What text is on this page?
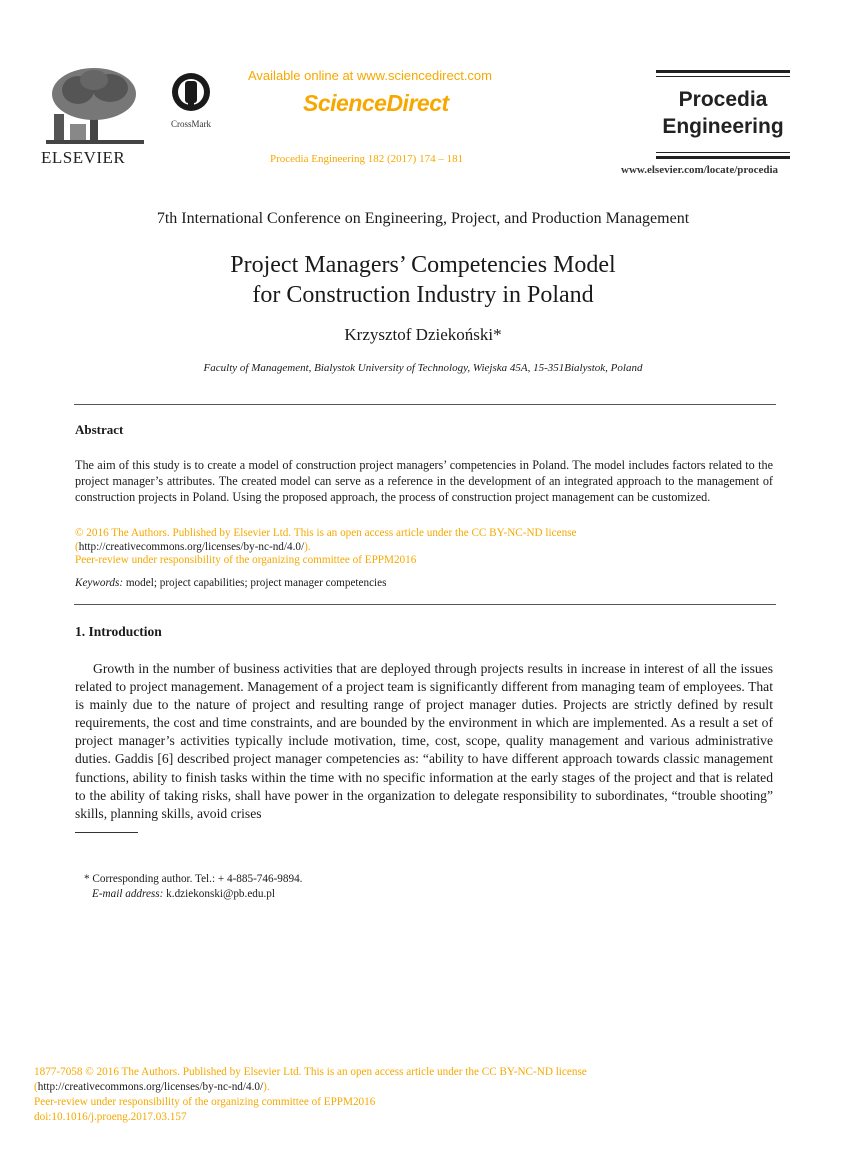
ELSEVIER
CrossMark
Available online at www.sciencedirect.com
ScienceDirect
Procedia Engineering 182 (2017) 174 – 181
Procedia
Engineering
www.elsevier.com/locate/procedia
7th International Conference on Engineering, Project, and Production Management
Project Managers’ Competencies Model
for Construction Industry in Poland
Krzysztof Dziekoński*
Faculty of Management, Bialystok University of Technology, Wiejska 45A, 15-351Bialystok, Poland
Abstract
The aim of this study is to create a model of construction project managers’ competencies in Poland. The model includes factors related to the project manager’s attributes. The created model can serve as a reference in the development of an integrated approach to the management of construction projects in Poland. Using the proposed approach, the process of construction project management can be customized.
© 2016 The Authors. Published by Elsevier Ltd. This is an open access article under the CC BY-NC-ND license
(http://creativecommons.org/licenses/by-nc-nd/4.0/).
Peer-review under responsibility of the organizing committee of EPPM2016
Keywords: model; project capabilities; project manager competencies
1. Introduction

Growth in the number of business activities that are deployed through projects results in increase in interest of all the issues related to project management. Management of a project team is significantly different from managing team of employees. That is mainly due to the nature of project and resulting range of project manager duties. Projects are strictly defined by result requirements, the cost and time constraints, and are bounded by the environment in which are implemented. As a result a set of project manager’s activities typically include motivation, time, cost, scope, quality management and various administrative duties. Gaddis [6] described project manager competencies as: “ability to have different approach towards classic management functions, ability to finish tasks within the time with no specific information at the early stages of the project and that is related to the ability of taking risks, shall have power in the organization to delegate responsibility to subordinates, “trouble shooting” skills, planning skills, avoid crises

* Corresponding author. Tel.: + 4-885-746-9894.
E-mail address: k.dziekonski@pb.edu.pl
1877-7058 © 2016 The Authors. Published by Elsevier Ltd. This is an open access article under the CC BY-NC-ND license
(http://creativecommons.org/licenses/by-nc-nd/4.0/).
Peer-review under responsibility of the organizing committee of EPPM2016
doi:10.1016/j.proeng.2017.03.157
